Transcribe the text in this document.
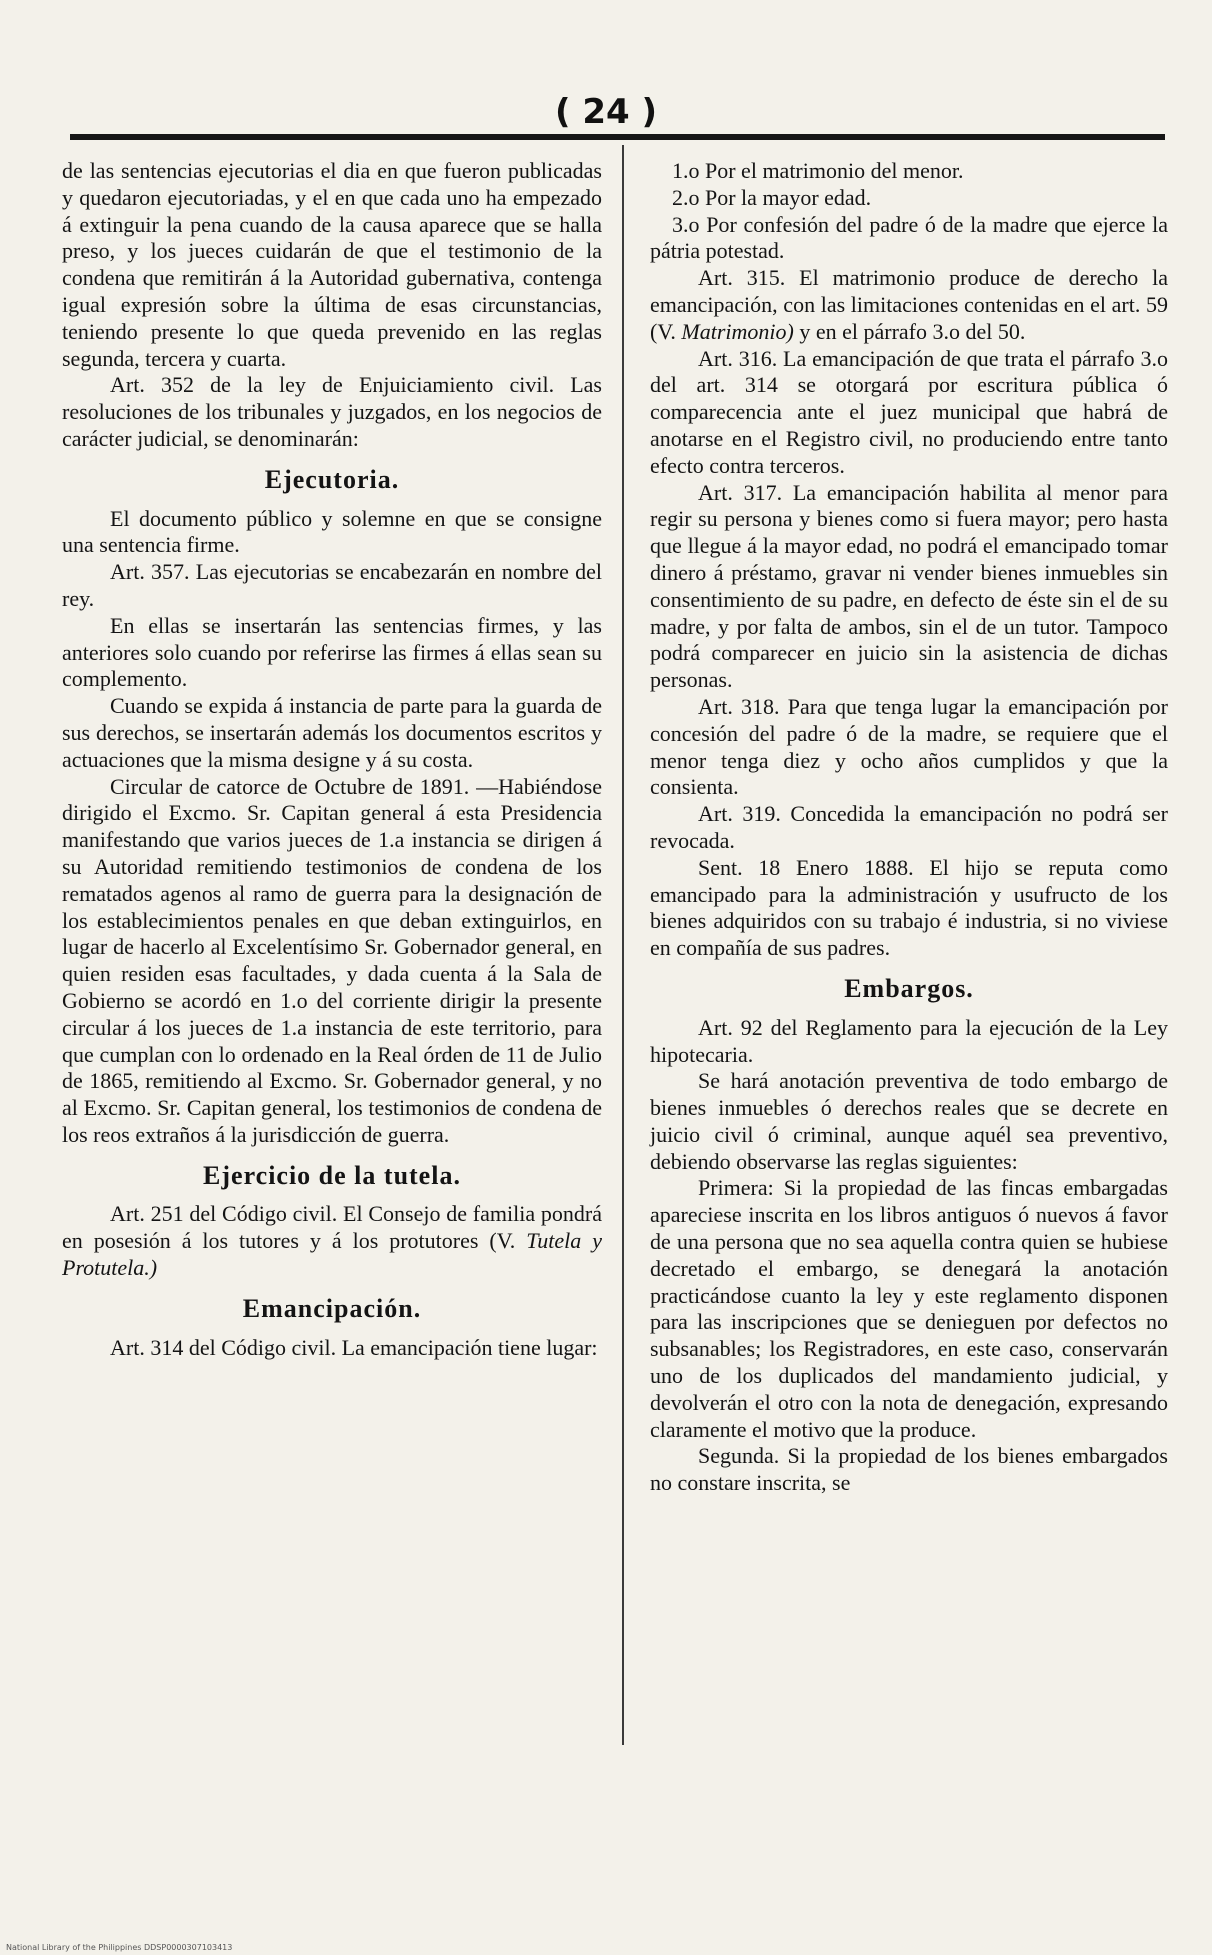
( 24 )

de las sentencias ejecutorias el dia en que fueron publicadas y quedaron ejecutoriadas, y el en que cada uno ha empezado á extinguir la pena cuando de la causa aparece que se halla preso, y los jueces cuidarán de que el testimonio de la condena que remitirán á la Autoridad gubernativa, contenga igual expresión sobre la última de esas circunstancias, teniendo presente lo que queda prevenido en las reglas segunda, tercera y cuarta.

Art. 352 de la ley de Enjuiciamiento civil. Las resoluciones de los tribunales y juzgados, en los negocios de carácter judicial, se denominarán:

Ejecutoria.

El documento público y solemne en que se consigne una sentencia firme.

Art. 357. Las ejecutorias se encabezarán en nombre del rey.

En ellas se insertarán las sentencias firmes, y las anteriores solo cuando por referirse las firmes á ellas sean su complemento.

Cuando se expida á instancia de parte para la guarda de sus derechos, se insertarán además los documentos escritos y actuaciones que la misma designe y á su costa.

Circular de catorce de Octubre de 1891. —Habiéndose dirigido el Excmo. Sr. Capitan general á esta Presidencia manifestando que varios jueces de 1.a instancia se dirigen á su Autoridad remitiendo testimonios de condena de los rematados agenos al ramo de guerra para la designación de los establecimientos penales en que deban extinguirlos, en lugar de hacerlo al Excelentísimo Sr. Gobernador general, en quien residen esas facultades, y dada cuenta á la Sala de Gobierno se acordó en 1.o del corriente dirigir la presente circular á los jueces de 1.a instancia de este territorio, para que cumplan con lo ordenado en la Real órden de 11 de Julio de 1865, remitiendo al Excmo. Sr. Gobernador general, y no al Excmo. Sr. Capitan general, los testimonios de condena de los reos extraños á la jurisdicción de guerra.

Ejercicio de la tutela.

Art. 251 del Código civil. El Consejo de familia pondrá en posesión á los tutores y á los protutores (V. Tutela y Protutela.)

Emancipación.

Art. 314 del Código civil. La emancipación tiene lugar:

1.o Por el matrimonio del menor.

2.o Por la mayor edad.

3.o Por confesión del padre ó de la madre que ejerce la pátria potestad.

Art. 315. El matrimonio produce de derecho la emancipación, con las limitaciones contenidas en el art. 59 (V. Matrimonio) y en el párrafo 3.o del 50.

Art. 316. La emancipación de que trata el párrafo 3.o del art. 314 se otorgará por escritura pública ó comparecencia ante el juez municipal que habrá de anotarse en el Registro civil, no produciendo entre tanto efecto contra terceros.

Art. 317. La emancipación habilita al menor para regir su persona y bienes como si fuera mayor; pero hasta que llegue á la mayor edad, no podrá el emancipado tomar dinero á préstamo, gravar ni vender bienes inmuebles sin consentimiento de su padre, en defecto de éste sin el de su madre, y por falta de ambos, sin el de un tutor. Tampoco podrá comparecer en juicio sin la asistencia de dichas personas.

Art. 318. Para que tenga lugar la emancipación por concesión del padre ó de la madre, se requiere que el menor tenga diez y ocho años cumplidos y que la consienta.

Art. 319. Concedida la emancipación no podrá ser revocada.

Sent. 18 Enero 1888. El hijo se reputa como emancipado para la administración y usufructo de los bienes adquiridos con su trabajo é industria, si no viviese en compañía de sus padres.

Embargos.

Art. 92 del Reglamento para la ejecución de la Ley hipotecaria.

Se hará anotación preventiva de todo embargo de bienes inmuebles ó derechos reales que se decrete en juicio civil ó criminal, aunque aquél sea preventivo, debiendo observarse las reglas siguientes:

Primera: Si la propiedad de las fincas embargadas apareciese inscrita en los libros antiguos ó nuevos á favor de una persona que no sea aquella contra quien se hubiese decretado el embargo, se denegará la anotación practicándose cuanto la ley y este reglamento disponen para las inscripciones que se denieguen por defectos no subsanables; los Registradores, en este caso, conservarán uno de los duplicados del mandamiento judicial, y devolverán el otro con la nota de denegación, expresando claramente el motivo que la produce.

Segunda. Si la propiedad de los bienes embargados no constare inscrita, se

National Library of the Philippines DDSP0000307103413
